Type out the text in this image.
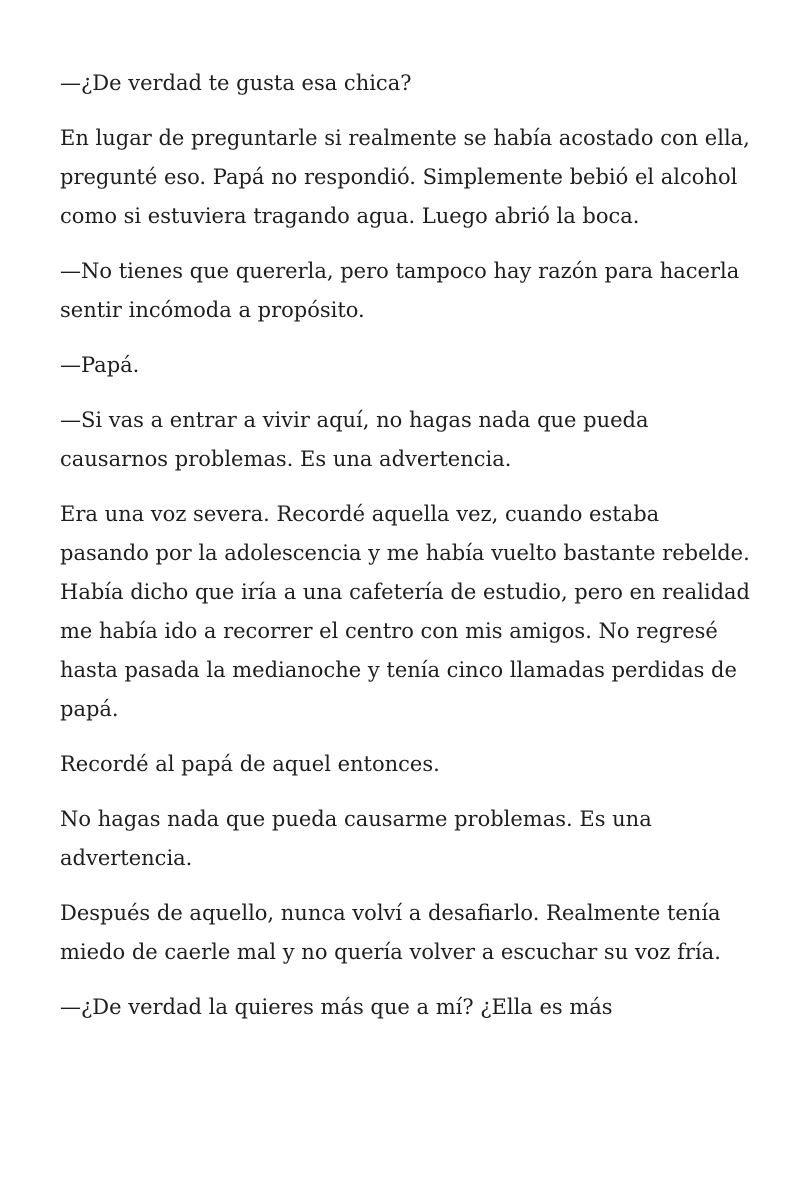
—¿De verdad te gusta esa chica?

En lugar de preguntarle si realmente se había acostado con ella, pregunté eso. Papá no respondió. Simplemente bebió el alcohol como si estuviera tragando agua. Luego abrió la boca.

—No tienes que quererla, pero tampoco hay razón para hacerla sentir incómoda a propósito.

—Papá.

—Si vas a entrar a vivir aquí, no hagas nada que pueda causarnos problemas. Es una advertencia.

Era una voz severa. Recordé aquella vez, cuando estaba pasando por la adolescencia y me había vuelto bastante rebelde. Había dicho que iría a una cafetería de estudio, pero en realidad me había ido a recorrer el centro con mis amigos. No regresé hasta pasada la medianoche y tenía cinco llamadas perdidas de papá.

Recordé al papá de aquel entonces.

No hagas nada que pueda causarme problemas. Es una advertencia.

Después de aquello, nunca volví a desafiarlo. Realmente tenía miedo de caerle mal y no quería volver a escuchar su voz fría.

—¿De verdad la quieres más que a mí? ¿Ella es más
